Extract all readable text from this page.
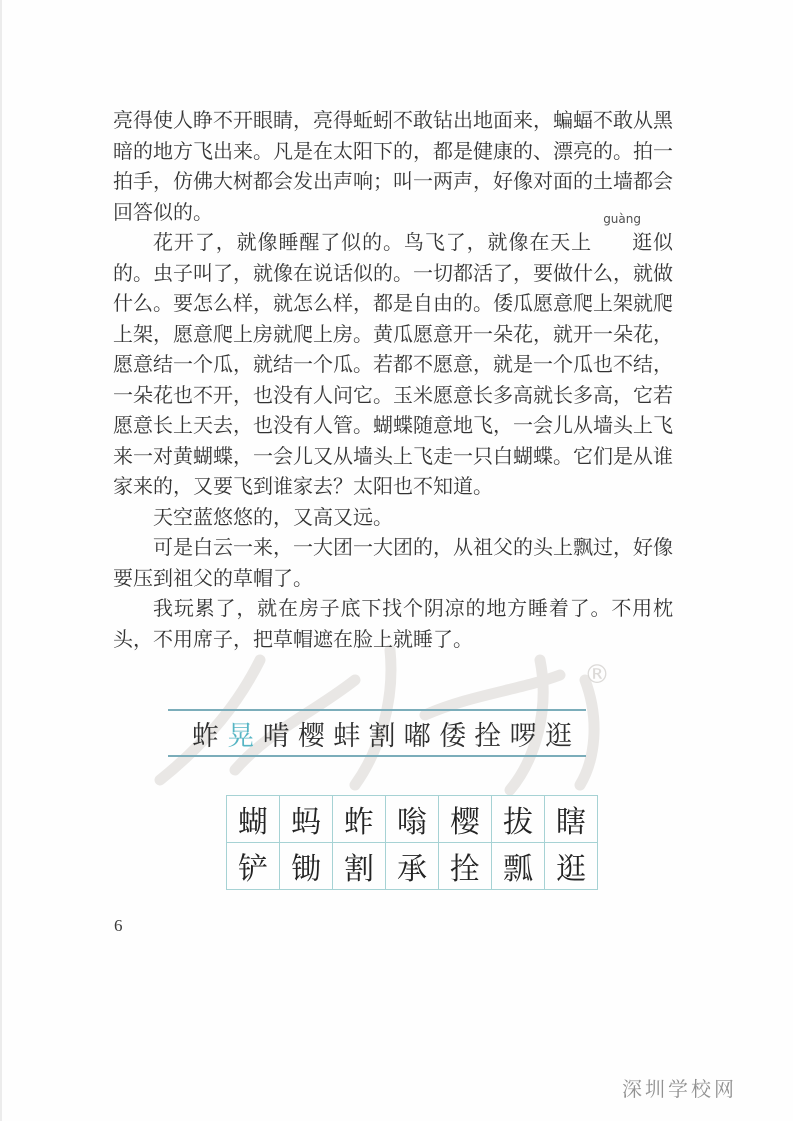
®

亮得使人睁不开眼睛，亮得蚯蚓不敢钻出地面来，蝙蝠不敢从黑暗的地方飞出来。凡是在太阳下的，都是健康的、漂亮的。拍一拍手，仿佛大树都会发出声响；叫一两声，好像对面的土墙都会回答似的。

花开了，就像睡醒了似的。鸟飞了，就像在天上 逛
guàng
似的。虫子叫了，就像在说话似的。一切都活了，要做什么，就做什么。要怎么样，就怎么样，都是自由的。倭瓜愿意爬上架就爬上架，愿意爬上房就爬上房。黄瓜愿意开一朵花，就开一朵花，愿意结一个瓜，就结一个瓜。若都不愿意，就是一个瓜也不结，一朵花也不开，也没有人问它。玉米愿意长多高就长多高，它若愿意长上天去，也没有人管。蝴蝶随意地飞，一会儿从墙头上飞来一对黄蝴蝶，一会儿又从墙头上飞走一只白蝴蝶。它们是从谁家来的，又要飞到谁家去？太阳也不知道。

天空蓝悠悠的，又高又远。

可是白云一来，一大团一大团的，从祖父的头上飘过，好像要压到祖父的草帽了。

我玩累了，就在房子底下找个阴凉的地方睡着了。不用枕头，不用席子，把草帽遮在脸上就睡了。

蚱 晃 啃 樱 蚌 割 嘟 倭 拴 啰 逛
蝴	蚂	蚱	嗡	樱	拔	瞎
铲	锄	割	承	拴	瓢	逛
6
深圳学校网
